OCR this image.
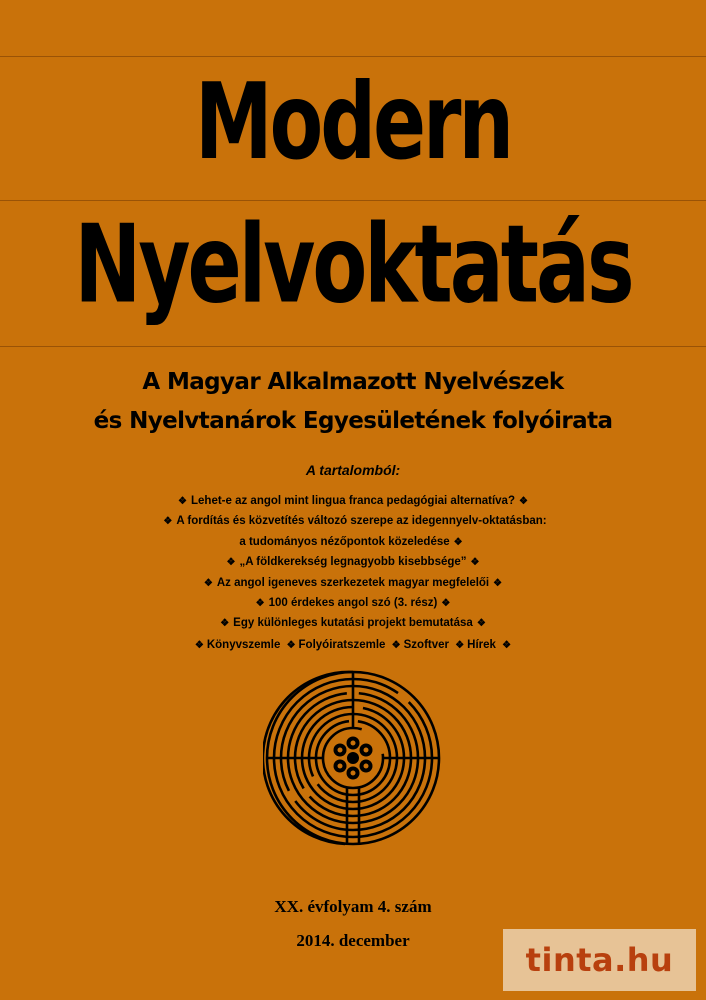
Modern
Nyelvoktatás
A Magyar Alkalmazott Nyelvészek
és Nyelvtanárok Egyesületének folyóirata
A tartalomból:
❖ Lehet-e az angol mint lingua franca pedagógiai alternatíva? ❖
❖ A fordítás és közvetítés változó szerepe az idegennyelv-oktatásban:
a tudományos nézőpontok közeledése ❖
❖ „A földkerekség legnagyobb kisebbsége” ❖
❖ Az angol igeneves szerkezetek magyar megfelelői ❖
❖ 100 érdekes angol szó (3. rész) ❖
❖ Egy különleges kutatási projekt bemutatása ❖
❖ Könyvszemle ❖ Folyóiratszemle ❖ Szoftver ❖ Hírek ❖
XX. évfolyam 4. szám
2014. december
tinta.hu
